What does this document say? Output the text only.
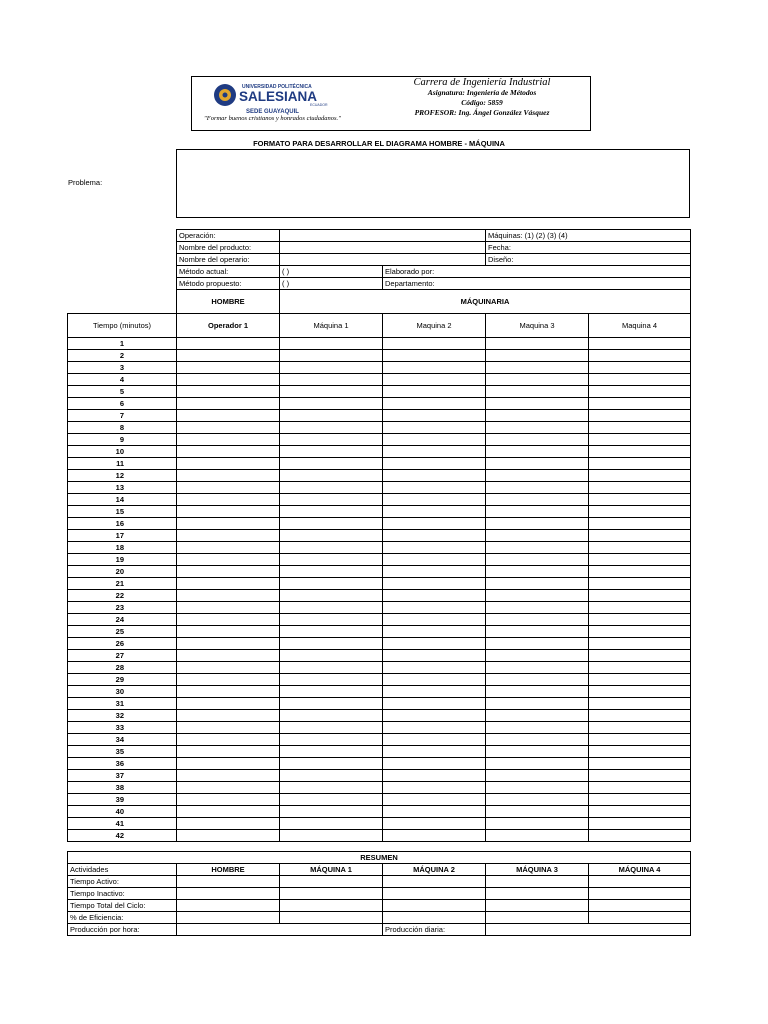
UNIVERSIDAD POLITÉCNICA
SALESIANA
ECUADOR
SEDE GUAYAQUIL
"Formar buenos cristianos y honrados ciudadanos."
Carrera de Ingeniería Industrial
Asignatura: Ingeniería de Métodos
Código: 5859
PROFESOR: Ing. Ángel González Vásquez
FORMATO PARA DESARROLLAR EL DIAGRAMA HOMBRE - MÁQUINA
Problema:
Operación:			Máquinas: (1) (2) (3) (4)
Nombre del producto:			Fecha:
Nombre del operario:			Diseño:
Método actual:	( )	Elaborado por:	
Método propuesto:	( )	Departamento:	
	HOMBRE	MÁQUINARIA			
Tiempo (minutos)	Operador 1	Máquina 1	Maquina 2	Maquina 3	Maquina 4
1					
2					
3					
4					
5					
6					
7					
8					
9					
10					
11					
12					
13					
14					
15					
16					
17					
18					
19					
20					
21					
22					
23					
24					
25					
26					
27					
28					
29					
30					
31					
32					
33					
34					
35					
36					
37					
38					
39					
40					
41					
42					
RESUMEN					
Actividades	HOMBRE	MÁQUINA 1	MÁQUINA 2	MÁQUINA 3	MÁQUINA 4
Tiempo Activo:					
Tiempo Inactivo:					
Tiempo Total del Ciclo:					
% de Eficiencia:					
Producción por hora:			Producción diaria:		
